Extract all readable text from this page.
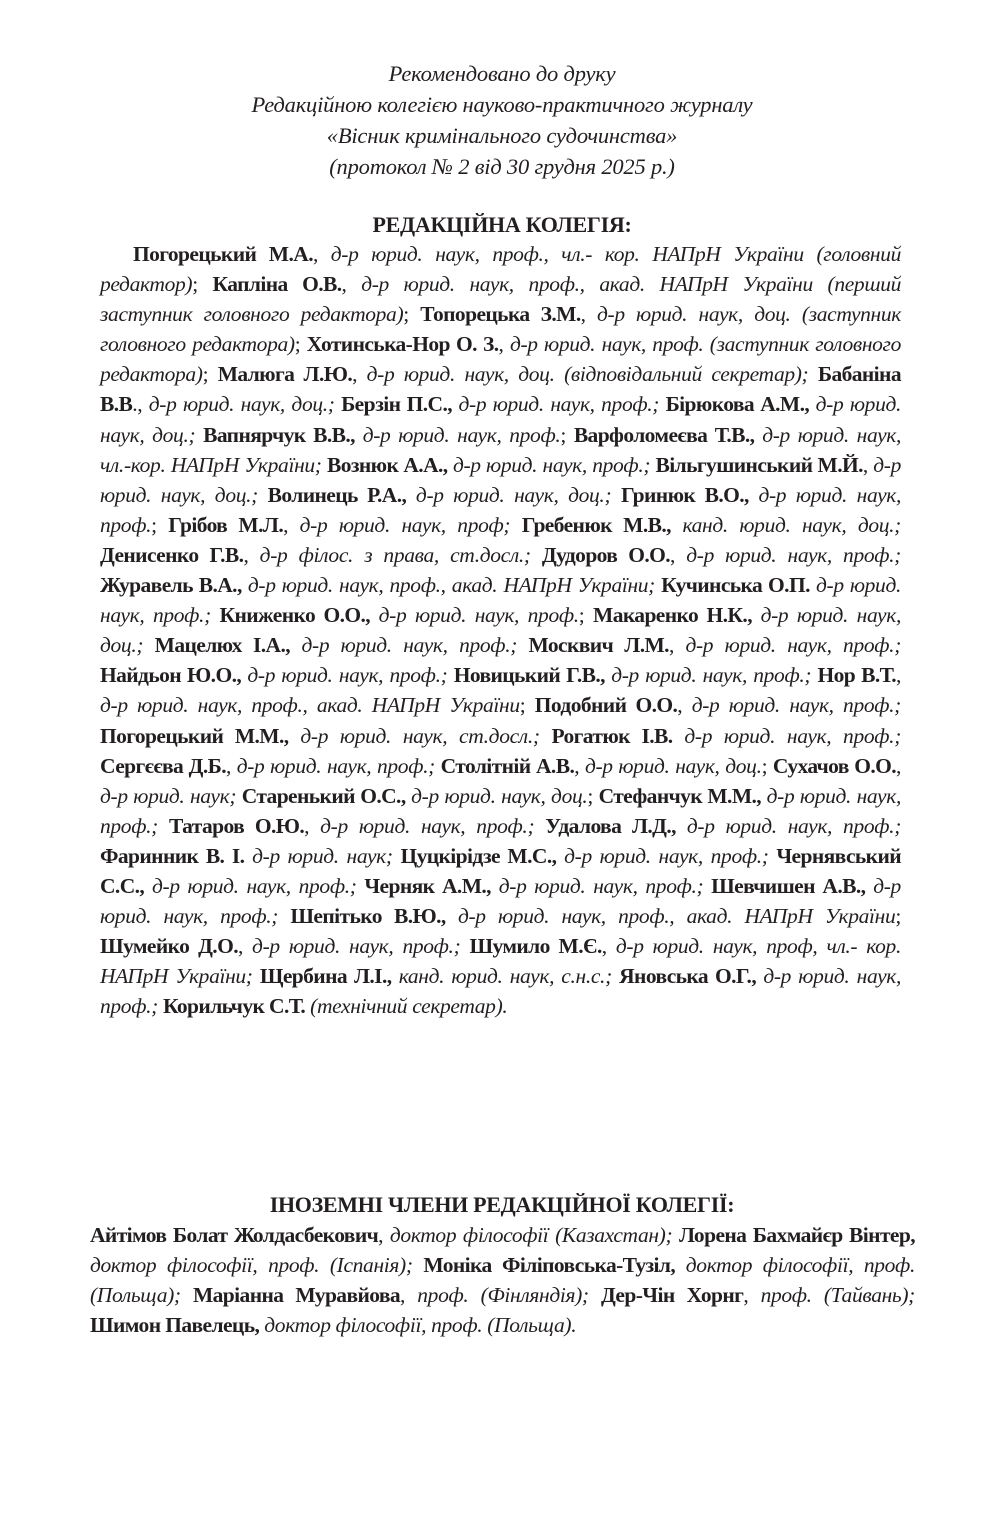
Рекомендовано до друку
Редакційною колегією науково-практичного журналу
«Вісник кримінального судочинства»
(протокол № 2 від 30 грудня 2025 р.)
РЕДАКЦІЙНА КОЛЕГІЯ:
Погорецький М.А., д-р юрид. наук, проф., чл.- кор. НАПрН України (головний редактор); Капліна О.В., д-р юрид. наук, проф., акад. НАПрН України (перший заступник головного редактора); Топорецька З.М., д-р юрид. наук, доц. (заступник головного редактора); Хотинська-Нор О. З., д-р юрид. наук, проф. (заступник головного редактора); Малюга Л.Ю., д-р юрид. наук, доц. (відповідальний секретар); Бабаніна В.В., д-р юрид. наук, доц.; Берзін П.С., д-р юрид. наук, проф.; Бірюкова А.М., д-р юрид. наук, доц.; Вапнярчук В.В., д-р юрид. наук, проф.; Варфоломеєва Т.В., д-р юрид. наук, чл.-кор. НАПрН України; Вознюк А.А., д-р юрид. наук, проф.; Вільгушинський М.Й., д-р юрид. наук, доц.; Волинець Р.А., д-р юрид. наук, доц.; Гринюк В.О., д-р юрид. наук, проф.; Грібов М.Л., д-р юрид. наук, проф; Гребенюк М.В., канд. юрид. наук, доц.; Денисенко Г.В., д-р філос. з права, ст.досл.; Дудоров О.О., д-р юрид. наук, проф.; Журавель В.А., д-р юрид. наук, проф., акад. НАПрН України; Кучинська О.П. д-р юрид. наук, проф.; Книженко О.О., д-р юрид. наук, проф.; Макаренко Н.К., д-р юрид. наук, доц.; Мацелюх І.А., д-р юрид. наук, проф.; Москвич Л.М., д-р юрид. наук, проф.; Найдьон Ю.О., д-р юрид. наук, проф.; Новицький Г.В., д-р юрид. наук, проф.; Нор В.Т., д-р юрид. наук, проф., акад. НАПрН України; Подобний О.О., д-р юрид. наук, проф.; Погорецький М.М., д-р юрид. наук, ст.досл.; Рогатюк І.В. д-р юрид. наук, проф.; Сергєєва Д.Б., д-р юрид. наук, проф.; Столітній А.В., д-р юрид. наук, доц.; Сухачов О.О., д-р юрид. наук; Старенький О.С., д-р юрид. наук, доц.; Стефанчук М.М., д-р юрид. наук, проф.; Татаров О.Ю., д-р юрид. наук, проф.; Удалова Л.Д., д-р юрид. наук, проф.; Фаринник В. І. д-р юрид. наук; Цуцкірідзе М.С., д-р юрид. наук, проф.; Чернявський С.С., д-р юрид. наук, проф.; Черняк А.М., д-р юрид. наук, проф.; Шевчишен А.В., д-р юрид. наук, проф.; Шепітько В.Ю., д-р юрид. наук, проф., акад. НАПрН України; Шумейко Д.О., д-р юрид. наук, проф.; Шумило М.Є., д-р юрид. наук, проф, чл.- кор. НАПрН України; Щербина Л.І., канд. юрид. наук, с.н.с.; Яновська О.Г., д-р юрид. наук, проф.; Корильчук С.Т. (технічний секретар).
ІНОЗЕМНІ ЧЛЕНИ РЕДАКЦІЙНОЇ КОЛЕГІЇ:
Айтімов Болат Жолдасбекович, доктор філософії (Казахстан); Лорена Бахмайєр Вінтер, доктор філософії, проф. (Іспанія); Моніка Філіповська-Тузіл, доктор філософії, проф. (Польща); Маріанна Муравйова, проф. (Фінляндія); Дер-Чін Хорнг, проф. (Тайвань); Шимон Павелець, доктор філософії, проф. (Польща).
